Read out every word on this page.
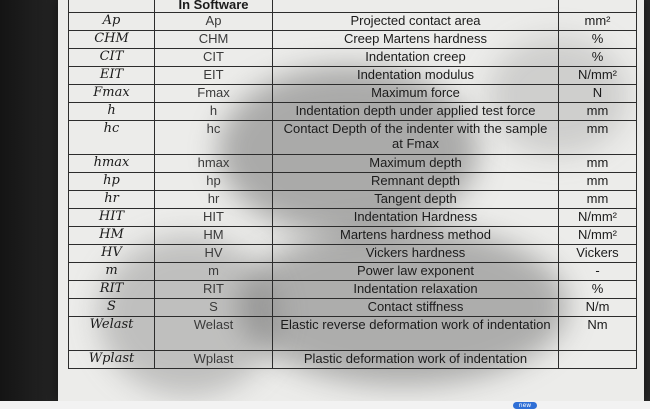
	In Software		
Ap	Ap	Projected contact area	mm²
CHM	CHM	Creep Martens hardness	%
CIT	CIT	Indentation creep	%
EIT	EIT	Indentation modulus	N/mm²
Fmax	Fmax	Maximum force	N
h	h	Indentation depth under applied test force	mm
hc	hc	Contact Depth of the indenter with the sample at Fmax	mm
hmax	hmax	Maximum depth	mm
hp	hp	Remnant depth	mm
hr	hr	Tangent depth	mm
HIT	HIT	Indentation Hardness	N/mm²
HM	HM	Martens hardness method	N/mm²
HV	HV	Vickers hardness	Vickers
m	m	Power law exponent	-
RIT	RIT	Indentation relaxation	%
S	S	Contact stiffness	N/m
Welast	Welast	Elastic reverse deformation work of indentation	Nm
Wplast	Wplast	Plastic deformation work of indentation	
new
